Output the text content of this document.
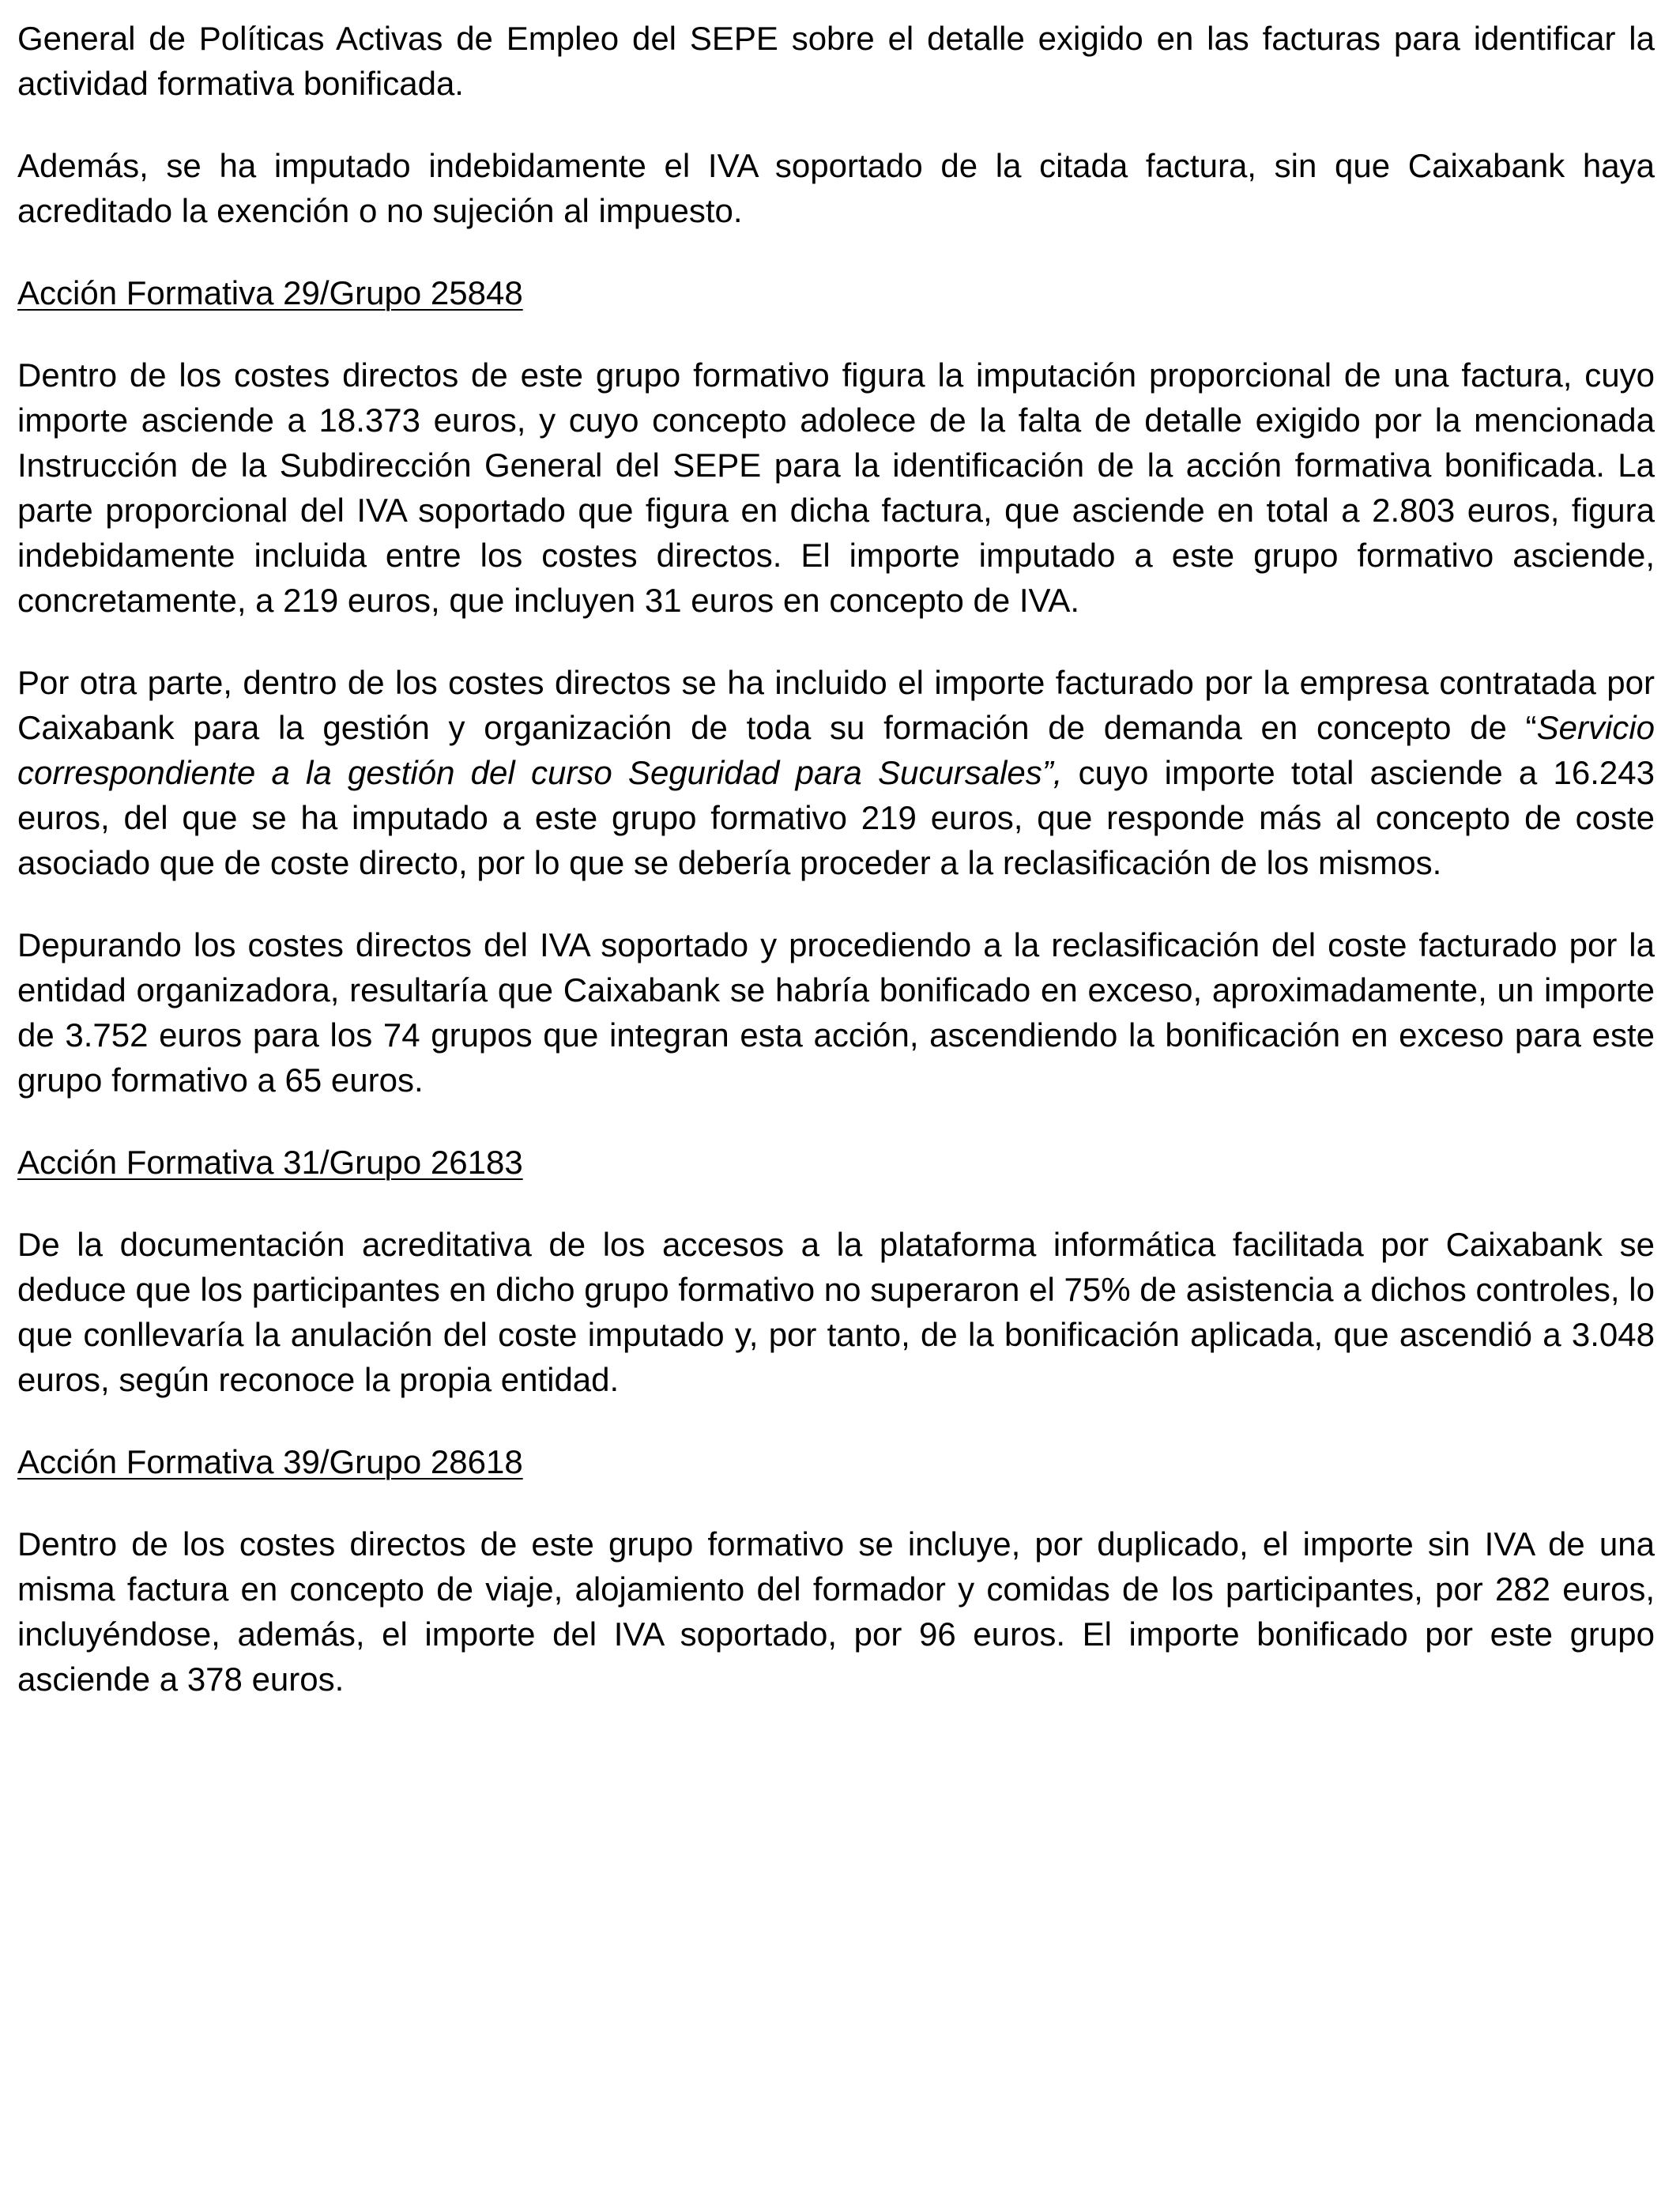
General de Políticas Activas de Empleo del SEPE sobre el detalle exigido en las facturas para identificar la actividad formativa bonificada.

Además, se ha imputado indebidamente el IVA soportado de la citada factura, sin que Caixabank haya acreditado la exención o no sujeción al impuesto.

Acción Formativa 29/Grupo 25848

Dentro de los costes directos de este grupo formativo figura la imputación proporcional de una factura, cuyo importe asciende a 18.373 euros, y cuyo concepto adolece de la falta de detalle exigido por la mencionada Instrucción de la Subdirección General del SEPE para la identificación de la acción formativa bonificada. La parte proporcional del IVA soportado que figura en dicha factura, que asciende en total a 2.803 euros, figura indebidamente incluida entre los costes directos. El importe imputado a este grupo formativo asciende, concretamente, a 219 euros, que incluyen 31 euros en concepto de IVA.

Por otra parte, dentro de los costes directos se ha incluido el importe facturado por la empresa contratada por Caixabank para la gestión y organización de toda su formación de demanda en concepto de “Servicio correspondiente a la gestión del curso Seguridad para Sucursales”, cuyo importe total asciende a 16.243 euros, del que se ha imputado a este grupo formativo 219 euros, que responde más al concepto de coste asociado que de coste directo, por lo que se debería proceder a la reclasificación de los mismos.

Depurando los costes directos del IVA soportado y procediendo a la reclasificación del coste facturado por la entidad organizadora, resultaría que Caixabank se habría bonificado en exceso, aproximadamente, un importe de 3.752 euros para los 74 grupos que integran esta acción, ascendiendo la bonificación en exceso para este grupo formativo a 65 euros.

Acción Formativa 31/Grupo 26183

De la documentación acreditativa de los accesos a la plataforma informática facilitada por Caixabank se deduce que los participantes en dicho grupo formativo no superaron el 75% de asistencia a dichos controles, lo que conllevaría la anulación del coste imputado y, por tanto, de la bonificación aplicada, que ascendió a 3.048 euros, según reconoce la propia entidad.

Acción Formativa 39/Grupo 28618

Dentro de los costes directos de este grupo formativo se incluye, por duplicado, el importe sin IVA de una misma factura en concepto de viaje, alojamiento del formador y comidas de los participantes, por 282 euros, incluyéndose, además, el importe del IVA soportado, por 96 euros. El importe bonificado por este grupo asciende a 378 euros.
